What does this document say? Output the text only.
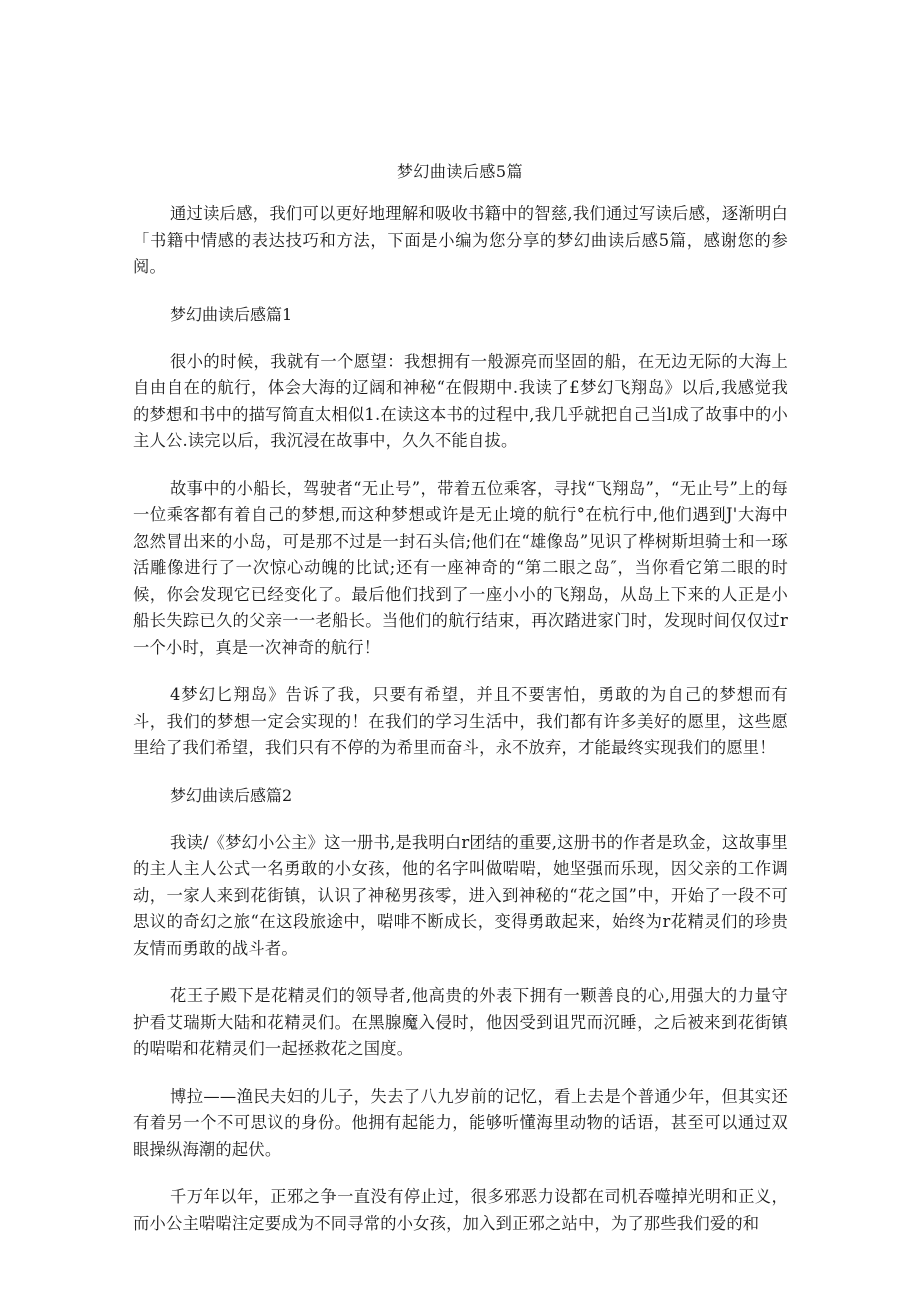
梦幻曲读后感5篇

通过读后感，我们可以更好地理解和吸收书籍中的智慈,我们通过写读后感，逐渐明白「书籍中情感的表达技巧和方法，下面是小编为您分享的梦幻曲读后感5篇，感谢您的参阅。

梦幻曲读后感篇1

很小的时候，我就有一个愿望：我想拥有一般源亮而坚固的船，在无边无际的大海上自由自在的航行，体会大海的辽阔和神秘“在假期中.我读了£梦幻飞翔岛》以后,我感觉我的梦想和书中的描写简直太相似1.在读这本书的过程中,我几乎就把自己当l成了故事中的小主人公.读完以后，我沉浸在故事中，久久不能自拔。

故事中的小船长，驾驶者“无止号”，带着五位乘客，寻找“飞翔岛”，“无止号”上的每一位乘客都有着自己的梦想,而这种梦想或许是无止境的航行°在杭行中,他们遇到J'大海中忽然冒出来的小岛，可是那不过是一封石头信;他们在“雄像岛”见识了桦树斯坦骑士和一琢活雕像进行了一次惊心动魄的比试;还有一座神奇的“第二眼之岛″，当你看它第二眼的时候，你会发现它已经变化了。最后他们找到了一座小小的飞翔岛，从岛上下来的人正是小船长失踪已久的父亲一一老船长。当他们的航行结束，再次踏进家门时，发现时间仅仅过r一个小时，真是一次神奇的航行！

4梦幻匕翔岛》告诉了我，只要有希望，并且不要害怕，勇敢的为自己的梦想而有斗，我们的梦想一定会实现的！在我们的学习生活中，我们都有许多美好的愿里，这些愿里给了我们希望，我们只有不停的为希里而奋斗，永不放弃，才能最终实现我们的愿里！

梦幻曲读后感篇2

我读/《梦幻小公主》这一册书,是我明白r团结的重要,这册书的作者是玖金，这故事里的主人主人公式一名勇敢的小女孩，他的名字叫做啱啱，她坚强而乐现，因父亲的工作调动，一家人来到花街镇，认识了神秘男孩零，进入到神秘的“花之国”中，开始了一段不可思议的奇幻之旅“在这段旅途中，啱啡不断成长，变得勇敢起来，始终为r花精灵们的珍贵友情而勇敢的战斗者。

花王子殿下是花精灵们的领导者,他高贵的外表下拥有一颗善良的心,用强大的力量守护看艾瑞斯大陆和花精灵们。在黑腺魔入侵时，他因受到诅咒而沉睡，之后被来到花街镇的啱啱和花精灵们一起拯救花之国度。

博拉——渔民夫妇的儿子，失去了八九岁前的记忆，看上去是个普通少年，但其实还有着另一个不可思议的身份。他拥有起能力，能够听懂海里动物的话语，甚至可以通过双眼操纵海潮的起伏。

千万年以年，正邪之争一直没有停止过，很多邪恶力设都在司机吞噬掉光明和正义，而小公主啱啱注定要成为不同寻常的小女孩，加入到正邪之站中，为了那些我们爱的和
